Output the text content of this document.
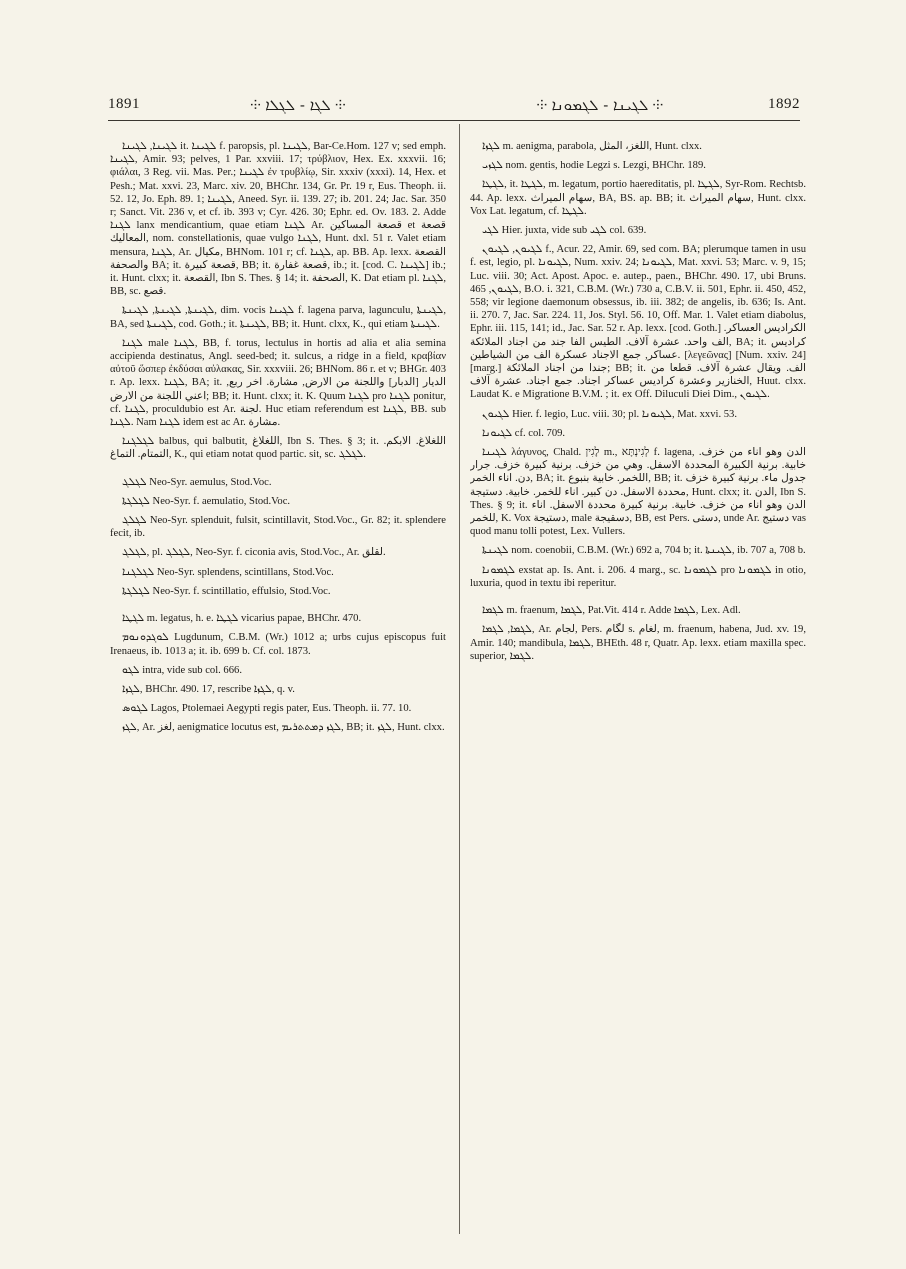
1891	⸭ ܠܓܐ - ܠܓܠܐ ⸭	⸭ ܠܓܝܢܐ - ܠܓܡܘܢܐ ⸭	1892

ܠܓܝܢܐ, ܠܓܝܢܐ it. ܠܓܝܢܐ f. paropsis, pl. ܠܓܝܢܐ, Bar-Ce.Hom. 127 v; sed emph. ܠܓܝܢܐ, Amir. 93; pelves, 1 Par. xxviii. 17; τρύβλιον, Hex. Ex. xxxvii. 16; φιάλαι, 3 Reg. vii. Mas. Per.; ܠܓܝܢܐ ἐν τρυβλίῳ, Sir. xxxiv (xxxi). 14, Hex. et Pesh.; Mat. xxvi. 23, Marc. xiv. 20, BHChr. 134, Gr. Pr. 19 r, Eus. Theoph. ii. 52. 12, Jo. Eph. 89. 1; ܠܓܝܢܐ, Aneed. Syr. ii. 139. 27; ib. 201. 24; Jac. Sar. 350 r; Sanct. Vit. 236 v, et cf. ib. 393 v; Cyr. 426. 30; Ephr. ed. Ov. 183. 2. Adde ܠܓܢܐ lanx mendicantium, quae etiam ܠܓܢܐ Ar. قصعة المساكين et قصعة المعاليك, nom. constellationis, quae vulgo ܠܓܢܐ, Hunt. dxl. 51 r. Valet etiam mensura, ܠܓܢܐ, Ar. مكيال, BHNom. 101 r; cf. ܠܓܢܐ, ap. BB. Ap. lexx. القصعة والصحفة BA; it. قصعة كبيرة, BB; it. قصعة غفارة, ib.; it. [cod. C. ܠܓܝܢܐ] ib.; it. Hunt. clxx; it. القصعة, Ibn S. Thes. § 14; it. الصحفة, K. Dat etiam pl. ܠܓܢܐ, BB, sc. قصع.

ܠܓܝܢܬܐ, ܠܓܝܢܬܐ, ܠܓܝܢܬܐ, dim. vocis ܠܓܝܢܐ f. lagena parva, lagunculu, ܠܓܝܢܬܐ, BA, sed ܠܓܝܢܬܐ, cod. Goth.; it. ܠܓܝܢܬܐ, BB; it. Hunt. clxx, K., qui etiam ܠܓܝܢܬܐ.

ܠܓܢܐ male ܠܓܢܐ, BB, f. torus, lectulus in hortis ad alia et alia semina accipienda destinatus, Angl. seed-bed; it. sulcus, a ridge in a field, κραβίαν αὐτοῦ ὥσπερ ἐκδύσαι αὐλακας, Sir. xxxviii. 26; BHNom. 86 r. et v; BHGr. 403 r. Ap. lexx. ܠܓܢܐ, BA; it. الديار [الدبار] واللجنة من الارض, مشارة. اخر ربع, اعني اللجنة من الارض; BB; it. Hunt. clxx; it. K. Quum ܠܓܢܐ pro ܠܓܢܐ ponitur, cf. ܠܓܢܐ, proculdubio est Ar. لجنة. Huc etiam referendum est ܠܓܢܐ, BB. sub ܠܓܢܐ. Nam ܠܓܢܐ idem est ac Ar. مشارة.

ܠܓܠܓܢܐ balbus, qui balbutit, اللغلاغ, Ibn S. Thes. § 3; it. اللغلاغ. الابكم. التمتام. التماغ, K., qui etiam notat quod partic. sit, sc. ܠܓܠܓ.

ܠܓܠܓ Neo-Syr. aemulus, Stod.Voc.

ܠܓܠܓܬܐ Neo-Syr. f. aemulatio, Stod.Voc.

ܠܓܠܓ Neo-Syr. splenduit, fulsit, scintillavit, Stod.Voc., Gr. 82; it. splendere fecit, ib.

ܠܓܠܓ, pl. ܠܓܠܓ, Neo-Syr. f. ciconia avis, Stod.Voc., Ar. لقلق.

ܠܓܠܓܢܐ Neo-Syr. splendens, scintillans, Stod.Voc.

ܠܓܠܓܬܐ Neo-Syr. f. scintillatio, effulsio, Stod.Voc.

ܠܓܛܐ m. legatus, h. e. ܠܓܛܐ vicarius papae, BHChr. 470.

ܠܘܓܕܘܢܘܡ Lugdunum, C.B.M. (Wr.) 1012 a; urbs cujus episcopus fuit Irenaeus, ib. 1013 a; it. ib. 699 b. Cf. col. 1873.

ܠܓܘ intra, vide sub col. 666.

ܠܓܙܐ, BHChr. 490. 17, rescribe ܠܓܙܐ, q. v.

ܠܓܘܣ Lagos, Ptolemaei Aegypti regis pater, Eus. Theoph. ii. 77. 10.

ܠܓܙ, Ar. لغز, aenigmatice locutus est, ܠܓܙ ܕܡܬܬܪܝܡ, BB; it. ܠܓܙ, Hunt. clxx.

ܠܓܙܐ m. aenigma, parabola, اللغز، المثل, Hunt. clxx.

ܠܓܙܝ nom. gentis, hodie Legzi s. Lezgi, BHChr. 189.

ܠܓܛܐ, it. ܠܓܛܐ, m. legatum, portio haereditatis, pl. ܠܓܛܐ, Syr-Rom. Rechtsb. 44. Ap. lexx. سهام الميراث, BA, BS. ap. BB; it. سهام الميراث, Hunt. clxx. Vox Lat. legatum, cf. ܠܓܛܐ.

ܠܓܝ Hier. juxta, vide sub ܠܓܝ col. 639.

ܠܓܝܘܢ, ܠܓܝܘܢ f., Acur. 22, Amir. 69, sed com. BA; plerumque tamen in usu f. est, legio, pl. ܠܓܝܘܢܐ, Num. xxiv. 24; ܠܓܝܘܢܐ, Mat. xxvi. 53; Marc. v. 9, 15; Luc. viii. 30; Act. Apost. Apoc. e. autep., paen., BHChr. 490. 17, ubi Bruns. ܠܓܝܘܢ, 465, B.O. i. 321, C.B.M. (Wr.) 730 a, C.B.V. ii. 501, Ephr. ii. 450, 452, 558; vir legione daemonum obsessus, ib. iii. 382; de angelis, ib. 636; Is. Ant. ii. 270. 7, Jac. Sar. 224. 11, Jos. Styl. 56. 10, Off. Mar. 1. Valet etiam diabolus, Ephr. iii. 115, 141; id., Jac. Sar. 52 r. Ap. lexx. [cod. Goth.] الكراديس العساكر. الف واحد. عشرة آلاف. الطيس الفا جند من اجناد الملائكة, BA; it. كراديس عساكر, جمع الاجناد عسكرة الف من الشياطين. [λεγεῶνας] [Num. xxiv. 24] [marg.] جندا من اجناد الملائكة; BB; it. الف. ويقال عشرة آلاف. قطعا من الخنازير وعشرة كراديس عساكر اجناد. جمع اجناد. عشرة آلاف, Huut. clxx. Laudat K. e Migratione B.V.M. ; it. ex Off. Diluculi Diei Dim., ܠܓܝܘܢ.

ܠܓܝܘܢ Hier. f. legio, Luc. viii. 30; pl. ܠܓܝܘܢܐ, Mat. xxvi. 53.

ܠܓܝܘܢܐ cf. col. 709.

ܠܓܝܢܐ λάγυνος, Chald. לָגִין m., לְגִינְתָּא f. lagena, الدن وهو اناء من خزف. خابية. برنية الكبيرة المحددة الاسفل. وهي من خزف. برنية كبيرة خزف. جرار دن. اناء الخمر, BA; it. اللخمر. خابية بنبوع, BB; it. جدول ماء. برنية كبيرة خزف محددة الاسفل. دن كبير. اناء للخمر. خابية. دستيجة, Hunt. clxx; it. الدن, Ibn S. Thes. § 9; it. الدن وهو اناء من خزف. خابية. برنية كبيرة محددة الاسفل. اناء للخمر, K. Vox دستيجة, male دسقيجة, BB, est Pers. دستی, unde Ar. دستيج vas quod manu tolli potest, Lex. Vullers.

ܠܓܝܢܬܐ nom. coenobii, C.B.M. (Wr.) 692 a, 704 b; it. ܠܓܝܢܬܐ, ib. 707 a, 708 b.

ܠܓܡܘܢܐ exstat ap. Is. Ant. i. 206. 4 marg., sc. ܠܓܡܘܢܐ pro ܠܓܡܘܢܐ in otio, luxuria, quod in textu ibi reperitur.

ܠܓܡܐ m. fraenum, ܠܓܡܐ, Pat.Vit. 414 r. Adde ܠܓܡܐ, Lex. Adl.

ܠܓܡܐ, ܠܓܡܐ, Ar. لجام, Pers. لگام s. لغام, m. fraenum, habena, Jud. xv. 19, Amir. 140; mandibula, ܠܓܡܐ, BHEth. 48 r, Quatr. Ap. lexx. etiam maxilla spec. superior, ܠܓܡܐ.
